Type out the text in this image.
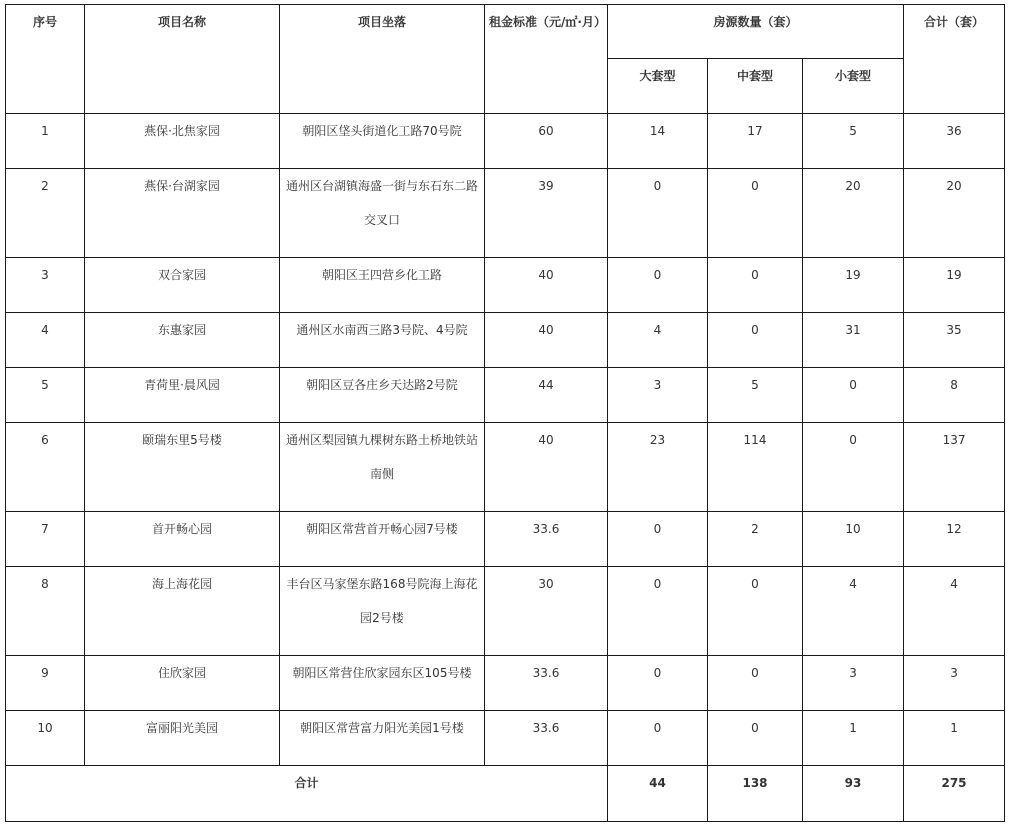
序号	项目名称	项目坐落	租金标准（元/㎡·月）	房源数量（套）			合计（套）
				大套型	中套型	小套型	
1	燕保·北焦家园	朝阳区垡头街道化工路70号院	60	14	17	5	36
2	燕保·台湖家园	通州区台湖镇海盛一街与东石东二路交叉口	39	0	0	20	20
3	双合家园	朝阳区王四营乡化工路	40	0	0	19	19
4	东惠家园	通州区水南西三路3号院、4号院	40	4	0	31	35
5	青荷里·晨风园	朝阳区豆各庄乡天达路2号院	44	3	5	0	8
6	颐瑞东里5号楼	通州区梨园镇九棵树东路土桥地铁站南侧	40	23	114	0	137
7	首开畅心园	朝阳区常营首开畅心园7号楼	33.6	0	2	10	12
8	海上海花园	丰台区马家堡东路168号院海上海花园2号楼	30	0	0	4	4
9	住欣家园	朝阳区常营住欣家园东区105号楼	33.6	0	0	3	3
10	富丽阳光美园	朝阳区常营富力阳光美园1号楼	33.6	0	0	1	1
合计				44	138	93	275
